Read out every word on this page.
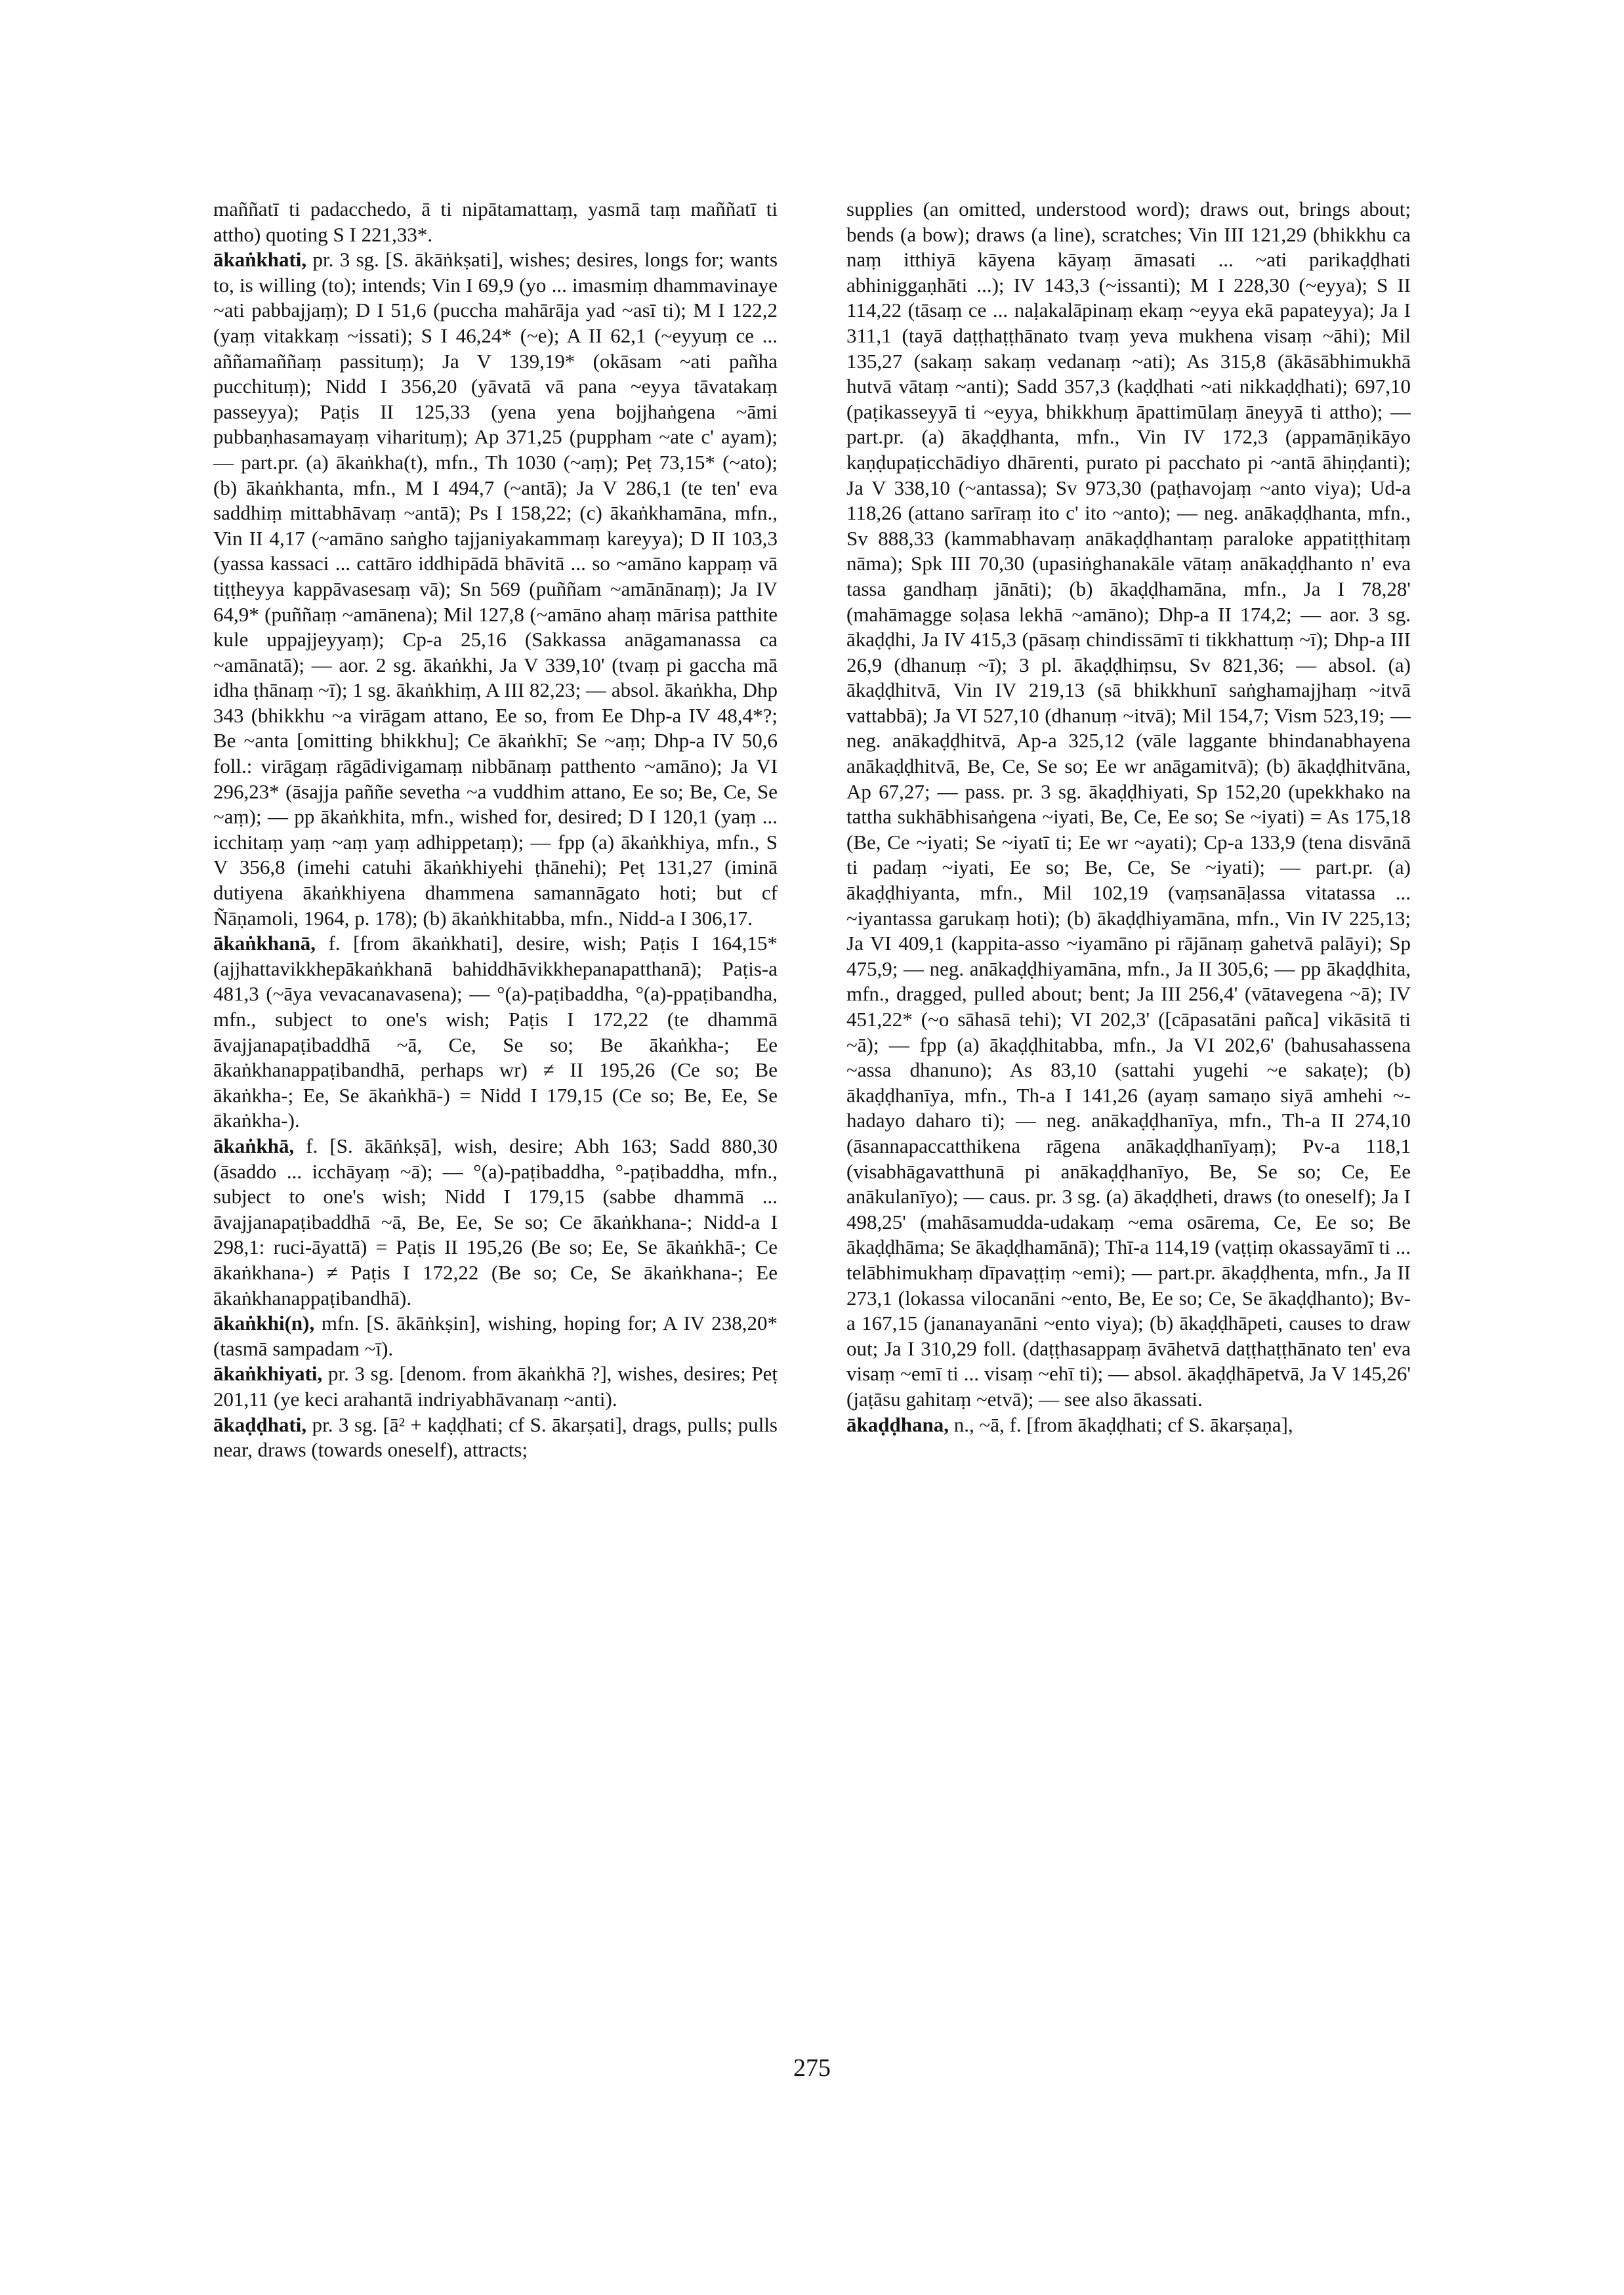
maññatī ti padacchedo, ā ti nipātamattaṃ, yasmā taṃ maññatī ti attho) quoting S I 221,33*.

ākaṅkhati, pr. 3 sg. [S. ākāṅkṣati], wishes; desires, longs for; wants to, is willing (to); intends; Vin I 69,9 (yo ... imasmiṃ dhammavinaye ~ati pabbajjaṃ); D I 51,6 (puccha mahārāja yad ~asī ti); M I 122,2 (yaṃ vitakkaṃ ~issati); S I 46,24* (~e); A II 62,1 (~eyyuṃ ce ... aññamaññaṃ passituṃ); Ja V 139,19* (okāsam ~ati pañha pucchituṃ); Nidd I 356,20 (yāvatā vā pana ~eyya tāvatakaṃ passeyya); Paṭis II 125,33 (yena yena bojjhaṅgena ~āmi pubbaṇhasamayaṃ viharituṃ); Ap 371,25 (puppham ~ate c' ayam); — part.pr. (a) ākaṅkha(t), mfn., Th 1030 (~aṃ); Peṭ 73,15* (~ato); (b) ākaṅkhanta, mfn., M I 494,7 (~antā); Ja V 286,1 (te ten' eva saddhiṃ mittabhāvaṃ ~antā); Ps I 158,22; (c) ākaṅkhamāna, mfn., Vin II 4,17 (~amāno saṅgho tajjaniyakammaṃ kareyya); D II 103,3 (yassa kassaci ... cattāro iddhipādā bhāvitā ... so ~amāno kappaṃ vā tiṭṭheyya kappāvasesaṃ vā); Sn 569 (puññam ~amānānaṃ); Ja IV 64,9* (puññaṃ ~amānena); Mil 127,8 (~amāno ahaṃ mārisa patthite kule uppajjeyyaṃ); Cp-a 25,16 (Sakkassa anāgamanassa ca ~amānatā); — aor. 2 sg. ākaṅkhi, Ja V 339,10' (tvaṃ pi gaccha mā idha ṭhānaṃ ~ī); 1 sg. ākaṅkhiṃ, A III 82,23; — absol. ākaṅkha, Dhp 343 (bhikkhu ~a virāgam attano, Ee so, from Ee Dhp-a IV 48,4*?; Be ~anta [omitting bhikkhu]; Ce ākaṅkhī; Se ~aṃ; Dhp-a IV 50,6 foll.: virāgaṃ rāgādivigamaṃ nibbānaṃ patthento ~amāno); Ja VI 296,23* (āsajja paññe sevetha ~a vuddhim attano, Ee so; Be, Ce, Se ~aṃ); — pp ākaṅkhita, mfn., wished for, desired; D I 120,1 (yaṃ ... icchitaṃ yaṃ ~aṃ yaṃ adhippetaṃ); — fpp (a) ākaṅkhiya, mfn., S V 356,8 (imehi catuhi ākaṅkhiyehi ṭhānehi); Peṭ 131,27 (iminā dutiyena ākaṅkhiyena dhammena samannāgato hoti; but cf Ñāṇamoli, 1964, p. 178); (b) ākaṅkhitabba, mfn., Nidd-a I 306,17.

ākaṅkhanā, f. [from ākaṅkhati], desire, wish; Paṭis I 164,15* (ajjhattavikkhepākaṅkhanā bahiddhāvikkhepanapatthanā); Paṭis-a 481,3 (~āya vevacanavasena); — °(a)-paṭibaddha, °(a)-ppaṭibandha, mfn., subject to one's wish; Paṭis I 172,22 (te dhammā āvajjanapaṭibaddhā ~ā, Ce, Se so; Be ākaṅkha-; Ee ākaṅkhanappaṭibandhā, perhaps wr) ≠ II 195,26 (Ce so; Be ākaṅkha-; Ee, Se ākaṅkhā-) = Nidd I 179,15 (Ce so; Be, Ee, Se ākaṅkha-).

ākaṅkhā, f. [S. ākāṅkṣā], wish, desire; Abh 163; Sadd 880,30 (āsaddo ... icchāyaṃ ~ā); — °(a)-paṭibaddha, °-paṭibaddha, mfn., subject to one's wish; Nidd I 179,15 (sabbe dhammā ... āvajjanapaṭibaddhā ~ā, Be, Ee, Se so; Ce ākaṅkhana-; Nidd-a I 298,1: ruci-āyattā) = Paṭis II 195,26 (Be so; Ee, Se ākaṅkhā-; Ce ākaṅkhana-) ≠ Paṭis I 172,22 (Be so; Ce, Se ākaṅkhana-; Ee ākaṅkhanappaṭibandhā).

ākaṅkhi(n), mfn. [S. ākāṅkṣin], wishing, hoping for; A IV 238,20* (tasmā sampadam ~ī).

ākaṅkhiyati, pr. 3 sg. [denom. from ākaṅkhā ?], wishes, desires; Peṭ 201,11 (ye keci arahantā indriyabhāvanaṃ ~anti).

ākaḍḍhati, pr. 3 sg. [ā² + kaḍḍhati; cf S. ākarṣati], drags, pulls; pulls near, draws (towards oneself), attracts;

supplies (an omitted, understood word); draws out, brings about; bends (a bow); draws (a line), scratches; Vin III 121,29 (bhikkhu ca naṃ itthiyā kāyena kāyaṃ āmasati ... ~ati parikaḍḍhati abhiniggaṇhāti ...); IV 143,3 (~issanti); M I 228,30 (~eyya); S II 114,22 (tāsaṃ ce ... naḷakalāpinaṃ ekaṃ ~eyya ekā papateyya); Ja I 311,1 (tayā daṭṭhaṭṭhānato tvaṃ yeva mukhena visaṃ ~āhi); Mil 135,27 (sakaṃ sakaṃ vedanaṃ ~ati); As 315,8 (ākāsābhimukhā hutvā vātaṃ ~anti); Sadd 357,3 (kaḍḍhati ~ati nikkaḍḍhati); 697,10 (paṭikasseyyā ti ~eyya, bhikkhuṃ āpattimūlaṃ āneyyā ti attho); — part.pr. (a) ākaḍḍhanta, mfn., Vin IV 172,3 (appamāṇikāyo kaṇḍupaṭicchādiyo dhārenti, purato pi pacchato pi ~antā āhiṇḍanti); Ja V 338,10 (~antassa); Sv 973,30 (paṭhavojaṃ ~anto viya); Ud-a 118,26 (attano sarīraṃ ito c' ito ~anto); — neg. anākaḍḍhanta, mfn., Sv 888,33 (kammabhavaṃ anākaḍḍhantaṃ paraloke appatiṭṭhitaṃ nāma); Spk III 70,30 (upasiṅghanakāle vātaṃ anākaḍḍhanto n' eva tassa gandhaṃ jānāti); (b) ākaḍḍhamāna, mfn., Ja I 78,28' (mahāmagge soḷasa lekhā ~amāno); Dhp-a II 174,2; — aor. 3 sg. ākaḍḍhi, Ja IV 415,3 (pāsaṃ chindissāmī ti tikkhattuṃ ~ī); Dhp-a III 26,9 (dhanuṃ ~ī); 3 pl. ākaḍḍhiṃsu, Sv 821,36; — absol. (a) ākaḍḍhitvā, Vin IV 219,13 (sā bhikkhunī saṅghamajjhaṃ ~itvā vattabbā); Ja VI 527,10 (dhanuṃ ~itvā); Mil 154,7; Vism 523,19; — neg. anākaḍḍhitvā, Ap-a 325,12 (vāle laggante bhindanabhayena anākaḍḍhitvā, Be, Ce, Se so; Ee wr anāgamitvā); (b) ākaḍḍhitvāna, Ap 67,27; — pass. pr. 3 sg. ākaḍḍhiyati, Sp 152,20 (upekkhako na tattha sukhābhisaṅgena ~iyati, Be, Ce, Ee so; Se ~iyati) = As 175,18 (Be, Ce ~iyati; Se ~iyatī ti; Ee wr ~ayati); Cp-a 133,9 (tena disvānā ti padaṃ ~iyati, Ee so; Be, Ce, Se ~iyati); — part.pr. (a) ākaḍḍhiyanta, mfn., Mil 102,19 (vaṃsanāḷassa vitatassa ... ~iyantassa garukaṃ hoti); (b) ākaḍḍhiyamāna, mfn., Vin IV 225,13; Ja VI 409,1 (kappita-asso ~iyamāno pi rājānaṃ gahetvā palāyi); Sp 475,9; — neg. anākaḍḍhiyamāna, mfn., Ja II 305,6; — pp ākaḍḍhita, mfn., dragged, pulled about; bent; Ja III 256,4' (vātavegena ~ā); IV 451,22* (~o sāhasā tehi); VI 202,3' ([cāpasatāni pañca] vikāsitā ti ~ā); — fpp (a) ākaḍḍhitabba, mfn., Ja VI 202,6' (bahusahassena ~assa dhanuno); As 83,10 (sattahi yugehi ~e sakaṭe); (b) ākaḍḍhanīya, mfn., Th-a I 141,26 (ayaṃ samaṇo siyā amhehi ~-hadayo daharo ti); — neg. anākaḍḍhanīya, mfn., Th-a II 274,10 (āsannapaccatthikena rāgena anākaḍḍhanīyaṃ); Pv-a 118,1 (visabhāgavatthunā pi anākaḍḍhanīyo, Be, Se so; Ce, Ee anākulanīyo); — caus. pr. 3 sg. (a) ākaḍḍheti, draws (to oneself); Ja I 498,25' (mahāsamudda-udakaṃ ~ema osārema, Ce, Ee so; Be ākaḍḍhāma; Se ākaḍḍhamānā); Thī-a 114,19 (vaṭṭiṃ okassayāmī ti ... telābhimukhaṃ dīpavaṭṭiṃ ~emi); — part.pr. ākaḍḍhenta, mfn., Ja II 273,1 (lokassa vilocanāni ~ento, Be, Ee so; Ce, Se ākaḍḍhanto); Bv-a 167,15 (jananayanāni ~ento viya); (b) ākaḍḍhāpeti, causes to draw out; Ja I 310,29 foll. (daṭṭhasappaṃ āvāhetvā daṭṭhaṭṭhānato ten' eva visaṃ ~emī ti ... visaṃ ~ehī ti); — absol. ākaḍḍhāpetvā, Ja V 145,26' (jaṭāsu gahitaṃ ~etvā); — see also ākassati.

ākaḍḍhana, n., ~ā, f. [from ākaḍḍhati; cf S. ākarṣaṇa],

275
